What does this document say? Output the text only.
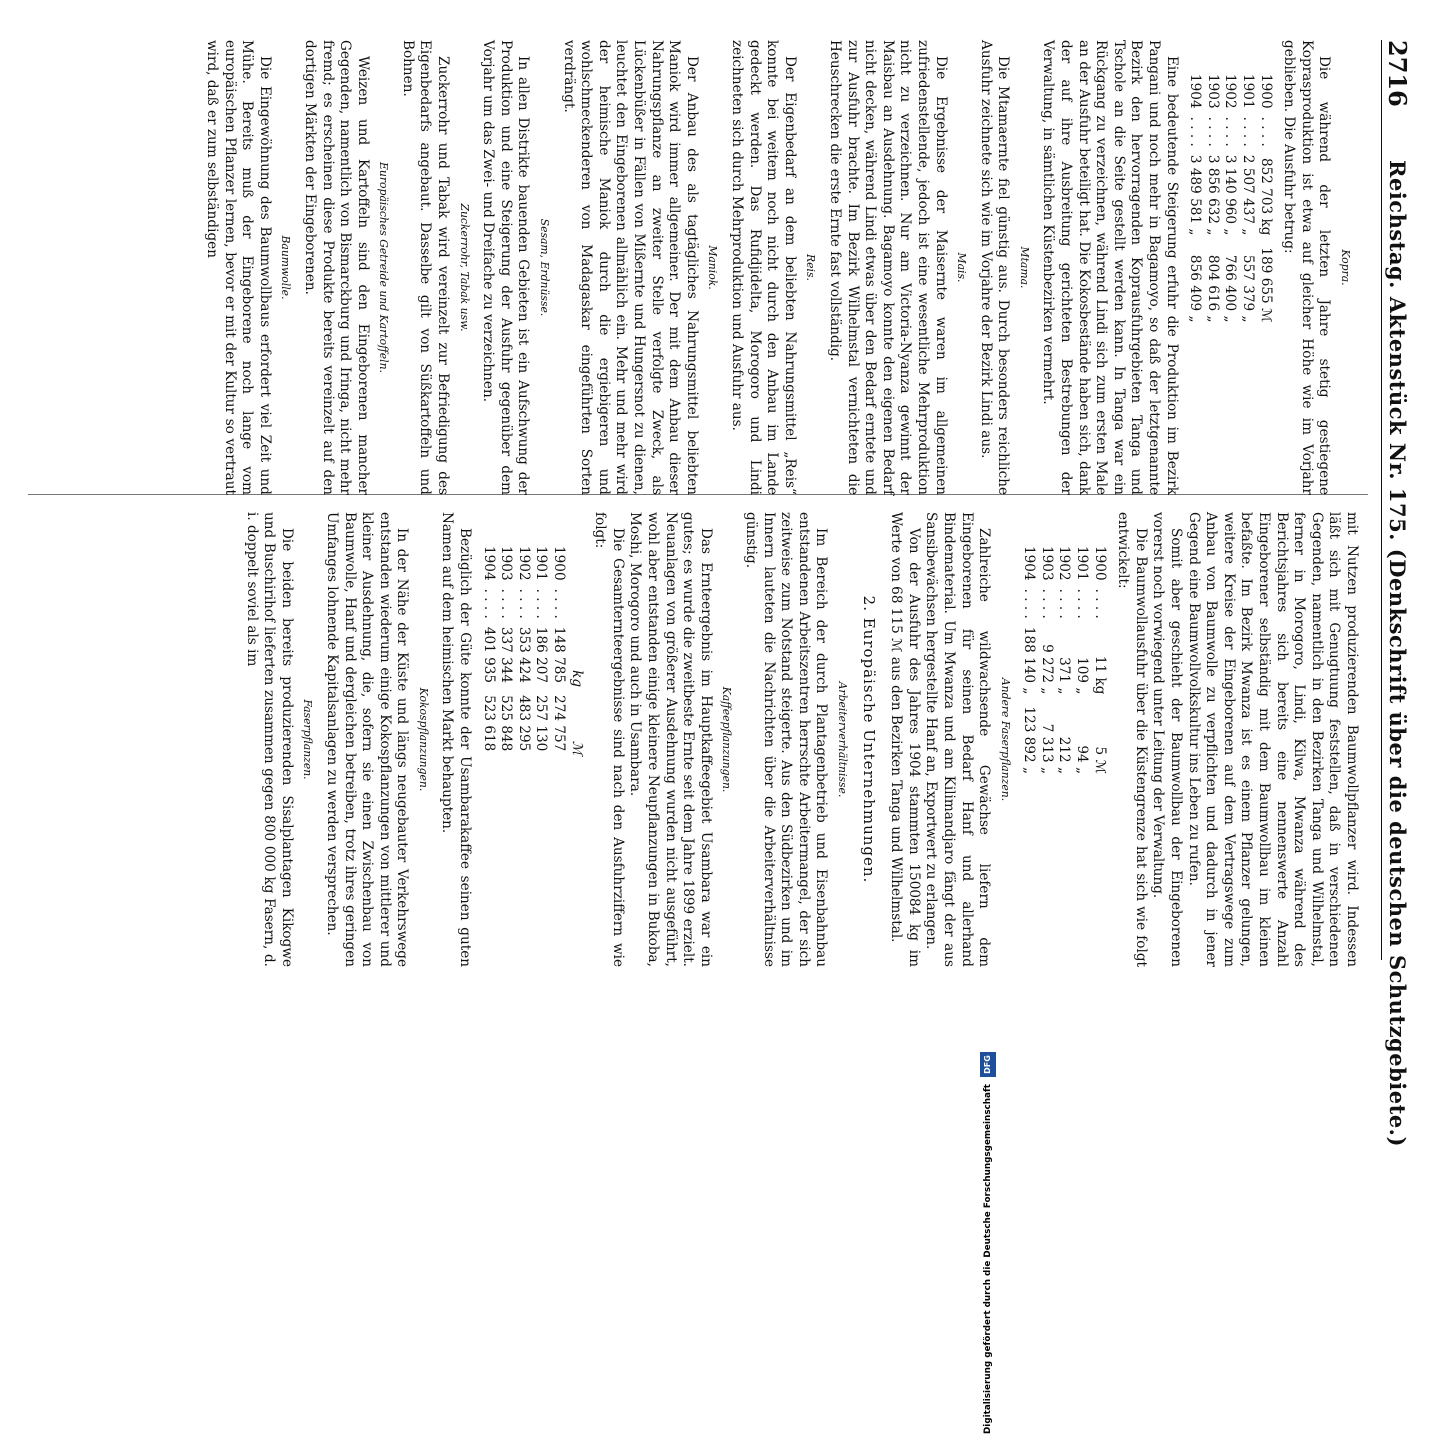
2716
Reichstag. Aktenstück Nr. 175. (Denkschrift über die deutschen Schutzgebiete.)
Kopra.

Die während der letzten Jahre stetig gestiegene Koprasproduktion ist etwa auf gleicher Höhe wie im Vorjahr geblieben. Die Ausfuhr betrug:

1900	. . . .	852 703 kg	189 655 ℳ
1901	. . . .	2 507 437 „	557 379 „
1902	. . . .	3 140 960 „	766 400 „
1903	. . . .	3 856 632 „	804 616 „
1904	. . . .	3 489 581 „	856 409 „

Eine bedeutende Steigerung erfuhr die Produktion im Bezirk Pangani und noch mehr in Bagamoyo, so daß der letztgenannte Bezirk den hervorragenden Koprausfuhrgebieten Tanga und Tschole an die Seite gestellt werden kann. In Tanga war ein Rückgang zu verzeichnen, während Lindi sich zum ersten Male an der Ausfuhr beteiligt hat. Die Kokosbestände haben sich, dank der auf ihre Ausbreitung gerichteten Bestrebungen der Verwaltung, in sämtlichen Küstenbezirken vermehrt.

Mtama.

Die Mtamaernte fiel günstig aus. Durch besonders reichliche Ausfuhr zeichnete sich wie im Vorjahre der Bezirk Lindi aus.

Mais.

Die Ergebnisse der Maisernte waren im allgemeinen zufriedenstellende, jedoch ist eine wesentliche Mehrproduktion nicht zu verzeichnen. Nur am Victoria-Nyanza gewinnt der Maisbau an Ausdehnung. Bagamoyo konnte den eigenen Bedarf nicht decken, während Lindi etwas über den Bedarf erntete und zur Ausfuhr brachte. Im Bezirk Wilhelmstal vernichteten die Heuschrecken die erste Ernte fast vollständig.

Reis.

Der Eigenbedarf an dem beliebten Nahrungsmittel „Reis“ konnte bei weitem noch nicht durch den Anbau im Lande gedeckt werden. Das Rufidjidelta, Morogoro und Lindi zeichneten sich durch Mehrproduktion und Ausfuhr aus.

Maniok.

Der Anbau des als tagtägliches Nahrungsmittel beliebten Maniok wird immer allgemeiner. Der mit dem Anbau dieser Nahrungspflanze an zweiter Stelle verfolgte Zweck, als Lückenbüßer in Fällen von Mißernte und Hungersnot zu dienen, leuchtet den Eingeborenen allmählich ein. Mehr und mehr wird der heimische Maniok durch die ergiebigeren und wohlschmeckenderen von Madagaskar eingeführten Sorten verdrängt.

Sesam, Erdnüsse.

In allen Distrikte bauenden Gebieten ist ein Aufschwung der Produktion und eine Steigerung der Ausfuhr gegenüber dem Vorjahr um das Zwei- und Dreifache zu verzeichnen.

Zuckerrohr, Tabak usw.

Zuckerrohr und Tabak wird vereinzelt zur Befriedigung des Eigenbedarfs angebaut. Dasselbe gilt von Süßkartoffeln und Bohnen.

Europäisches Getreide und Kartoffeln.

Weizen und Kartoffeln sind den Eingeborenen mancher Gegenden, namentlich von Bismarckburg und Iringa, nicht mehr fremd; es erscheinen diese Produkte bereits vereinzelt auf den dortigen Märkten der Eingeborenen.

Baumwolle.

Die Eingewöhnung des Baumwollbaus erfordert viel Zeit und Mühe. Bereits muß der Eingeborene noch lange vom europäischen Pflanzer lernen, bevor er mit der Kultur so vertraut wird, daß er zum selbständigen

mit Nutzen produzierenden Baumwollpflanzer wird. Indessen läßt sich mit Genugtuung feststellen, daß in verschiedenen Gegenden, namentlich in den Bezirken Tanga und Wilhelmstal, ferner in Morogoro, Lindi, Kilwa, Mwanza während des Berichtsjahres sich bereits eine nennenswerte Anzahl Eingeborener selbständig mit dem Baumwollbau im kleinen befaßte. Im Bezirk Mwanza ist es einem Pflanzer gelungen, weitere Kreise der Eingeborenen auf dem Vertragswege zum Anbau von Baumwolle zu verpflichten und dadurch in jener Gegend eine Baumwollvolkskultur ins Leben zu rufen.

Somit aber geschieht der Baumwollbau der Eingeborenen vorerst noch vorwiegend unter Leitung der Verwaltung.

Die Baumwollausfuhr über die Küstengrenze hat sich wie folgt entwickelt:

1900	. . . .	11 kg	5 ℳ
1901	. . . .	109 „	94 „
1902	. . . .	371 „	212 „
1903	. . . .	9 272 „	7 313 „
1904	. . . .	188 140 „	123 892 „
Andere Faserpflanzen.

Zahlreiche wildwachsende Gewächse liefern dem Eingeborenen für seinen Bedarf Hanf und allerhand Bindematerial. Um Mwanza und am Kilimandjaro fängt der aus Sansibewächsen hergestellte Hanf an, Exportwert zu erlangen.

Von der Ausfuhr des Jahres 1904 stammten 150084 kg im Werte von 68 115 ℳ aus den Bezirken Tanga und Wilhelmstal.

2. Europäische Unternehmungen.
Arbeiterverhältnisse.

Im Bereich der durch Plantagenbetrieb und Eisenbahnbau entstandenen Arbeitszentren herrschte Arbeitermangel, der sich zeitweise zum Notstand steigerte. Aus den Südbezirken und im Innern lauteten die Nachrichten über die Arbeiterverhältnisse günstig.

Kaffeepflanzungen.

Das Ernteergebnis im Hauptkaffeegebiet Usambara war ein gutes; es wurde die zweitbeste Ernte seit dem Jahre 1899 erzielt. Neuanlagen von größerer Ausdehnung wurden nicht ausgeführt, wohl aber entstanden einige kleinere Neupflanzungen in Bukoba, Moshi, Morogoro und auch in Usambara.

Die Gesamternteergebnisse sind nach den Ausfuhrziffern wie folgt:

		kg	ℳ
1900	. . . .	148 785	274 757
1901	. . . .	186 207	257 130
1902	. . . .	353 424	483 295
1903	. . . .	337 344	525 848
1904	. . . .	401 935	523 618

Bezüglich der Güte konnte der Usambarakaffee seinen guten Namen auf dem heimischen Markt behaupten.

Kokospflanzungen.

In der Nähe der Küste und längs neugebauter Verkehrswege entstanden wiederum einige Kokospflanzungen von mittlerer und kleiner Ausdehnung, die, sofern sie einen Zwischenbau von Baumwolle, Hanf und dergleichen betreiben, trotz ihres geringen Umfanges lohnende Kapitalsanlagen zu werden versprechen.

Faserpflanzen.

Die beiden bereits produzierenden Sisalplantagen Kikogwe und Buschirihof lieferten zusammen gegen 800 000 kg Fasern, d. i. doppelt soviel als im

Digitalisierung gefördert durch die Deutsche Forschungsgemeinschaft DFG
